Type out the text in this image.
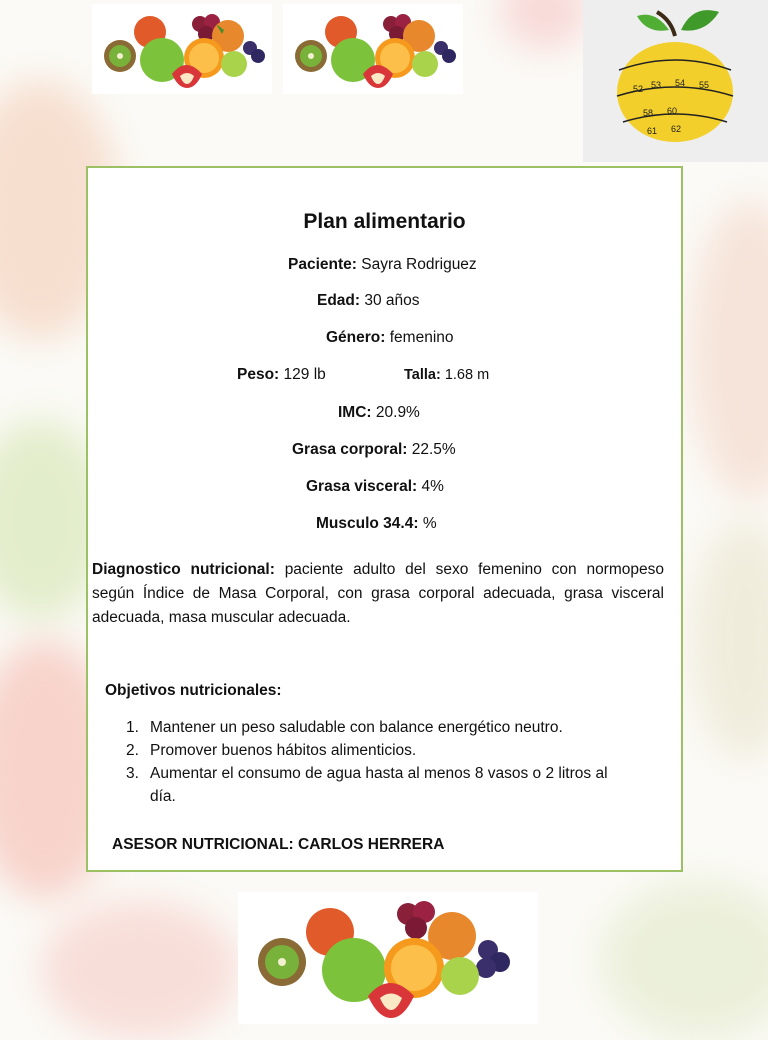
52 53 54 55
58 60
61 62
Plan alimentario
Paciente: Sayra Rodriguez
Edad: 30 años
Género: femenino
Peso: 129 lb	Talla: 1.68 m
IMC: 20.9%
Grasa corporal: 22.5%
Grasa visceral: 4%
Musculo 34.4: %
Diagnostico nutricional: paciente adulto del sexo femenino con normopeso según Índice de Masa Corporal, con grasa corporal adecuada, grasa visceral adecuada, masa muscular adecuada.
Objetivos nutricionales:
1. Mantener un peso saludable con balance energético neutro.
2. Promover buenos hábitos alimenticios.
3. Aumentar el consumo de agua hasta al menos 8 vasos o 2 litros al día.
ASESOR NUTRICIONAL: CARLOS HERRERA
